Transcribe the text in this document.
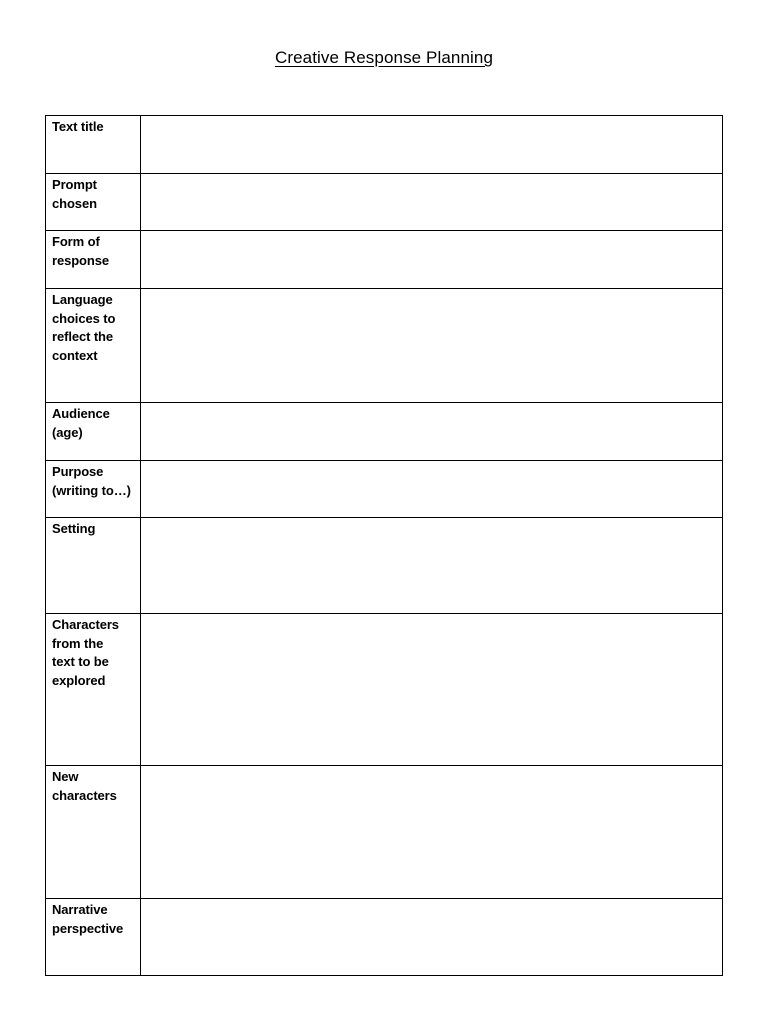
Creative Response Planning
Text title	

Prompt
chosen	

Form of
response	

Language
choices to
reflect the
context	

Audience
(age)	

Purpose
(writing to…)	

Setting	

Characters
from the
text to be
explored	

New
characters	

Narrative
perspective	
